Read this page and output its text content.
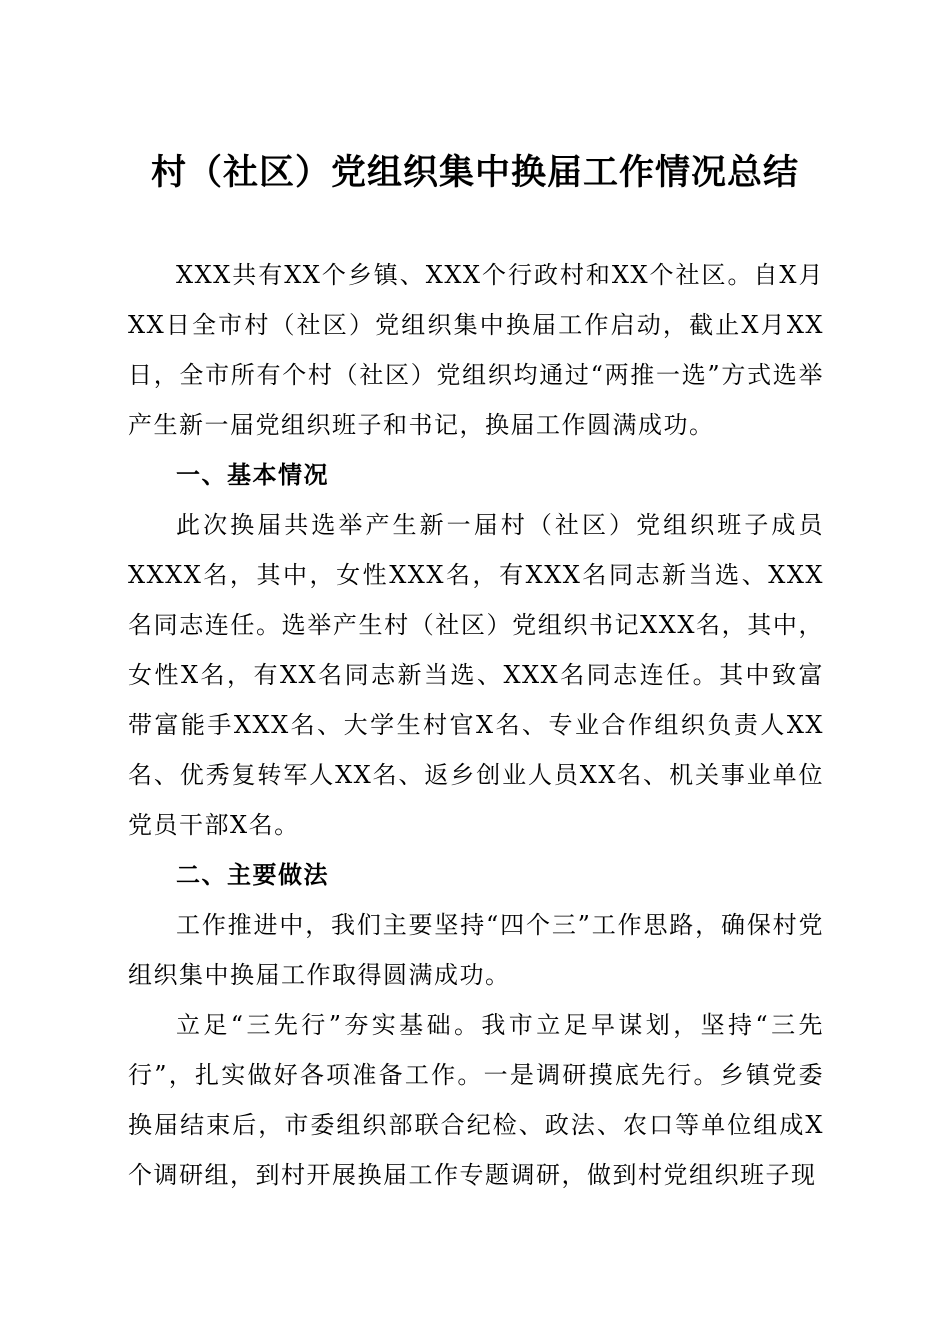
村（社区）党组织集中换届工作情况总结

XXX共有XX个乡镇、XXX个行政村和XX个社区。自X月XX日全市村（社区）党组织集中换届工作启动，截止X月XX日，全市所有个村（社区）党组织均通过“两推一选”方式选举产生新一届党组织班子和书记，换届工作圆满成功。

一、基本情况

此次换届共选举产生新一届村（社区）党组织班子成员XXXX名，其中，女性XXX名，有XXX名同志新当选、XXX名同志连任。选举产生村（社区）党组织书记XXX名，其中，女性X名，有XX名同志新当选、XXX名同志连任。其中致富带富能手XXX名、大学生村官X名、专业合作组织负责人XX名、优秀复转军人XX名、返乡创业人员XX名、机关事业单位党员干部X名。

二、主要做法

工作推进中，我们主要坚持“四个三”工作思路，确保村党组织集中换届工作取得圆满成功。

立足“三先行”夯实基础。我市立足早谋划，坚持“三先行”，扎实做好各项准备工作。一是调研摸底先行。乡镇党委换届结束后，市委组织部联合纪检、政法、农口等单位组成X个调研组，到村开展换届工作专题调研，做到村党组织班子现
